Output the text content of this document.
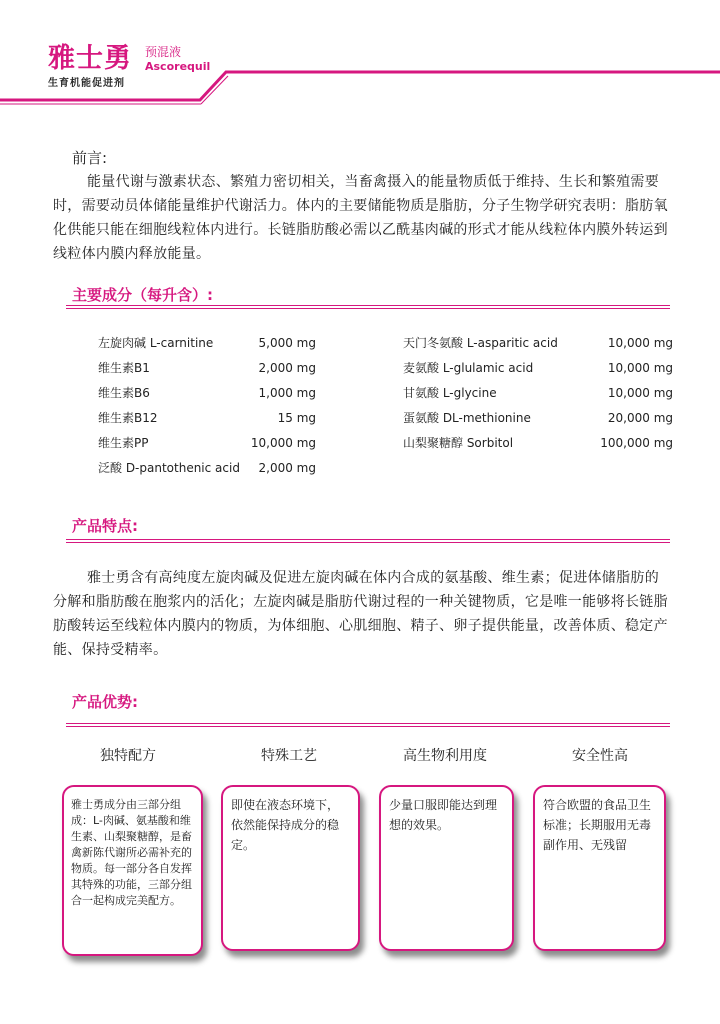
雅士勇 预混液
Ascorequil
生育机能促进剂
前言:
能量代谢与激素状态、繁殖力密切相关，当畜禽摄入的能量物质低于维持、生长和繁殖需要时，需要动员体储能量维护代谢活力。体内的主要储能物质是脂肪，分子生物学研究表明：脂肪氧化供能只能在细胞线粒体内进行。长链脂肪酸必需以乙酰基肉碱的形式才能从线粒体内膜外转运到线粒体内膜内释放能量。
主要成分（每升含）:
左旋肉碱 L-carnitine	5,000 mg
维生素B1	2,000 mg
维生素B6	1,000 mg
维生素B12	15 mg
维生素PP	10,000 mg
泛酸 D-pantothenic acid 2,000 mg
天门冬氨酸 L-asparitic acid	10,000 mg
麦氨酸 L-glulamic acid	10,000 mg
甘氨酸 L-glycine	10,000 mg
蛋氨酸 DL-methionine	20,000 mg
山梨聚糖醇 Sorbitol	100,000 mg
产品特点:
雅士勇含有高纯度左旋肉碱及促进左旋肉碱在体内合成的氨基酸、维生素；促进体储脂肪的分解和脂肪酸在胞浆内的活化；左旋肉碱是脂肪代谢过程的一种关键物质，它是唯一能够将长链脂肪酸转运至线粒体内膜内的物质，为体细胞、心肌细胞、精子、卵子提供能量，改善体质、稳定产能、保持受精率。
产品优势:
独特配方	特殊工艺	高生物利用度	安全性高
雅士勇成分由三部分组成：L-肉碱、氨基酸和维生素、山梨聚糖醇，是畜禽新陈代谢所必需补充的物质。每一部分各自发挥其特殊的功能，三部分组合一起构成完美配方。
即使在液态环境下，依然能保持成分的稳定。
少量口服即能达到理想的效果。
符合欧盟的食品卫生标准；长期服用无毒副作用、无残留
